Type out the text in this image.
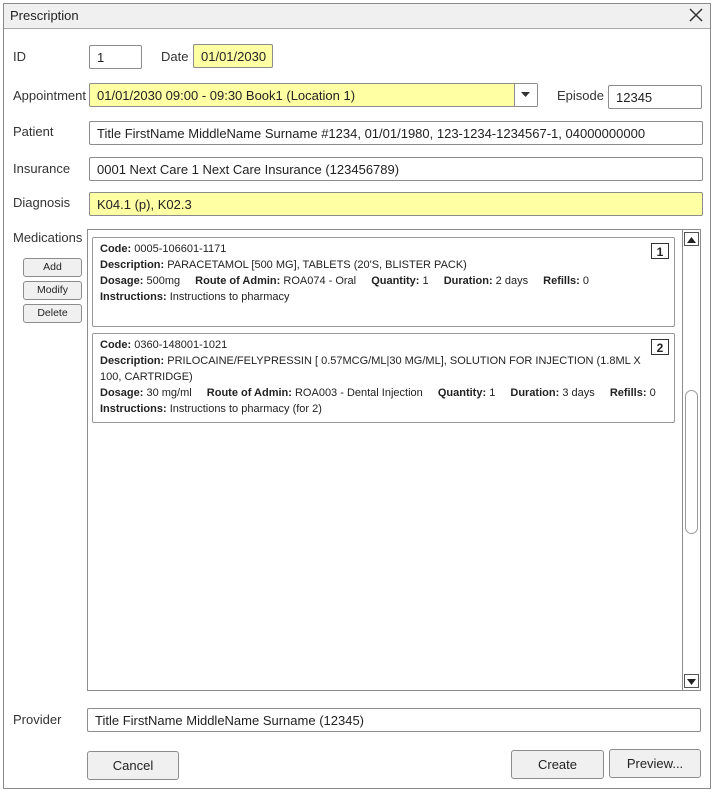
Prescription
ID	1	Date 01/01/2030
Appointment 01/01/2030 09:00 - 09:30 Book1 (Location 1)	Episode 12345
Patient	Title FirstName MiddleName Surname #1234, 01/01/1980, 123-1234-1234567-1, 04000000000
Insurance	0001 Next Care 1 Next Care Insurance (123456789)
Diagnosis	K04.1 (p), K02.3
Medications
Add
Modify
Delete
1
Code: 0005-106601-1171
Description: PARACETAMOL [500 MG], TABLETS (20'S, BLISTER PACK)
Dosage: 500mg Route of Admin: ROA074 - Oral Quantity: 1 Duration: 2 days Refills: 0
Instructions: Instructions to pharmacy
2
Code: 0360-148001-1021
Description: PRILOCAINE/FELYPRESSIN [ 0.57MCG/ML|30 MG/ML], SOLUTION FOR INJECTION (1.8ML X 100, CARTRIDGE)
Dosage: 30 mg/ml Route of Admin: ROA003 - Dental Injection Quantity: 1 Duration: 3 days Refills: 0
Instructions: Instructions to pharmacy (for 2)
Provider	Title FirstName MiddleName Surname (12345)
Cancel	Create	Preview...
